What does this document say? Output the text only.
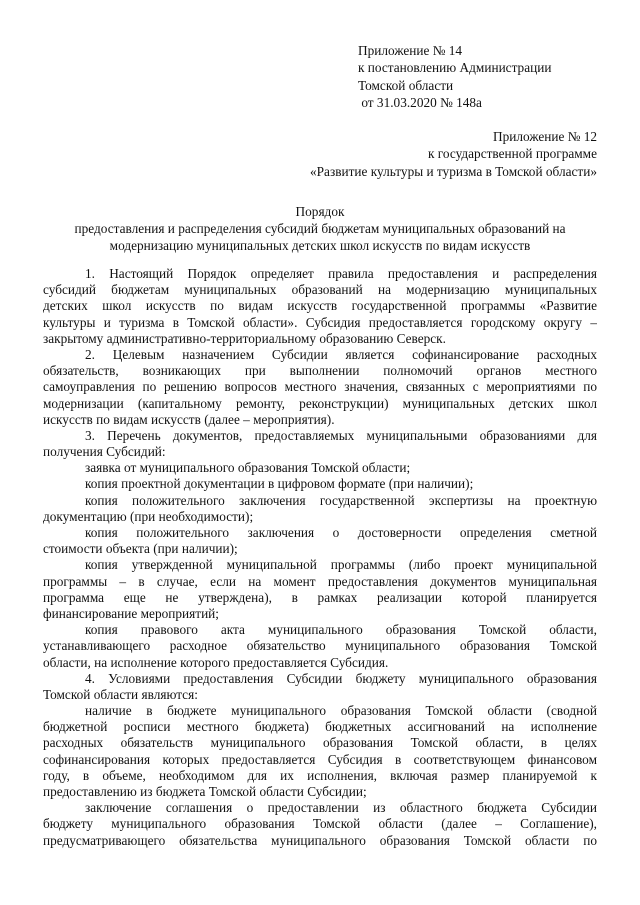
Приложение № 14
к постановлению Администрации
Томской области
от 31.03.2020 № 148а
Приложение № 12
к государственной программе
«Развитие культуры и туризма в Томской области»
Порядок
предоставления и распределения субсидий бюджетам муниципальных образований на
модернизацию муниципальных детских школ искусств по видам искусств
1. Настоящий Порядок определяет правила предоставления и распределения
субсидий бюджетам муниципальных образований на модернизацию муниципальных
детских школ искусств по видам искусств государственной программы «Развитие
культуры и туризма в Томской области». Субсидия предоставляется городскому округу –
закрытому административно-территориальному образованию Северск.
2. Целевым назначением Субсидии является софинансирование расходных
обязательств, возникающих при выполнении полномочий органов местного
самоуправления по решению вопросов местного значения, связанных с мероприятиями по
модернизации (капитальному ремонту, реконструкции) муниципальных детских школ
искусств по видам искусств (далее – мероприятия).
3. Перечень документов, предоставляемых муниципальными образованиями для
получения Субсидий:
заявка от муниципального образования Томской области;
копия проектной документации в цифровом формате (при наличии);
копия положительного заключения государственной экспертизы на проектную
документацию (при необходимости);
копия положительного заключения о достоверности определения сметной
стоимости объекта (при наличии);
копия утвержденной муниципальной программы (либо проект муниципальной
программы – в случае, если на момент предоставления документов муниципальная
программа еще не утверждена), в рамках реализации которой планируется
финансирование мероприятий;
копия правового акта муниципального образования Томской области,
устанавливающего расходное обязательство муниципального образования Томской
области, на исполнение которого предоставляется Субсидия.
4. Условиями предоставления Субсидии бюджету муниципального образования
Томской области являются:
наличие в бюджете муниципального образования Томской области (сводной
бюджетной росписи местного бюджета) бюджетных ассигнований на исполнение
расходных обязательств муниципального образования Томской области, в целях
софинансирования которых предоставляется Субсидия в соответствующем финансовом
году, в объеме, необходимом для их исполнения, включая размер планируемой к
предоставлению из бюджета Томской области Субсидии;
заключение соглашения о предоставлении из областного бюджета Субсидии
бюджету муниципального образования Томской области (далее – Соглашение),
предусматривающего обязательства муниципального образования Томской области по
